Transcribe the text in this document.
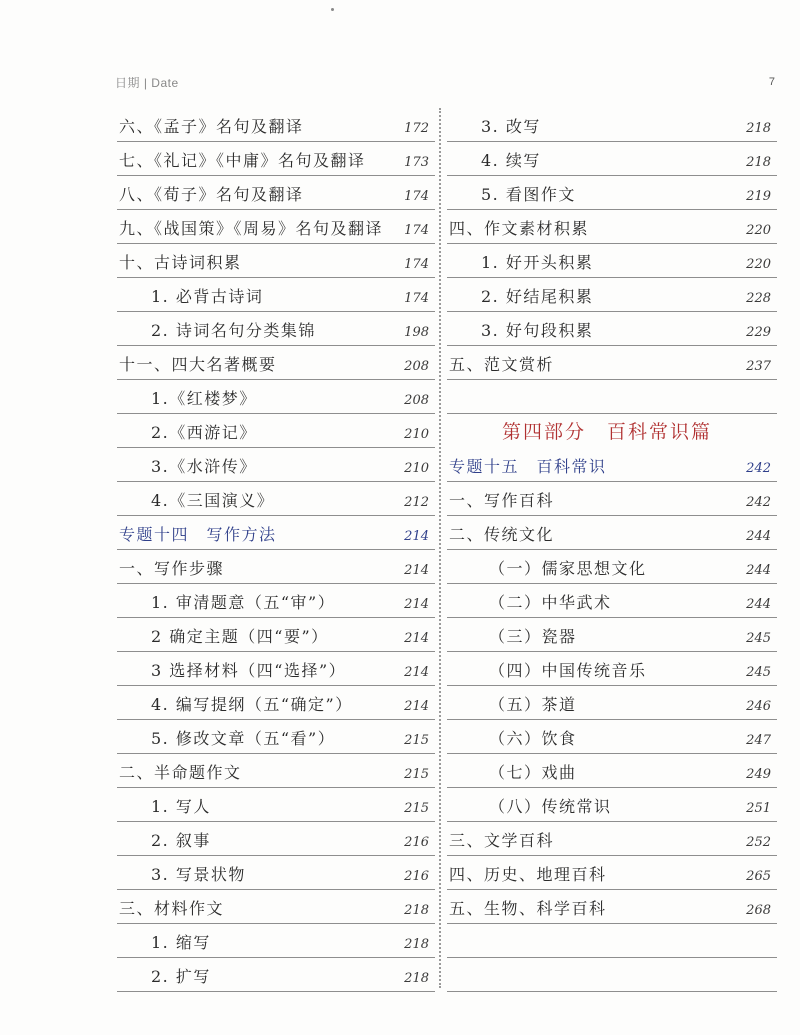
日期 | Date	7
六、《孟子》名句及翻译	172
七、《礼记》《中庸》名句及翻译	173
八、《荀子》名句及翻译	174
九、《战国策》《周易》名句及翻译 174
十、古诗词积累	174
1. 必背古诗词	174
2. 诗词名句分类集锦	198
十一、四大名著概要	208
1.《红楼梦》	208
2.《西游记》	210
3.《水浒传》	210
4.《三国演义》	212
专题十四　写作方法	214
一、写作步骤	214
1. 审清题意（五“审”）	214
2 确定主题（四“要”）	214
3 选择材料（四“选择”）	214
4. 编写提纲（五“确定”）	214
5. 修改文章（五“看”）	215
二、半命题作文	215
1. 写人	215
2. 叙事	216
3. 写景状物	216
三、材料作文	218
1. 缩写	218
2. 扩写	218
3. 改写	218
4. 续写	218
5. 看图作文	219
四、作文素材积累	220
1. 好开头积累	220
2. 好结尾积累	228
3. 好句段积累	229
五、范文赏析	237
第四部分　百科常识篇
专题十五　百科常识	242
一、写作百科	242
二、传统文化	244
（一）儒家思想文化	244
（二）中华武术	244
（三）瓷器	245
（四）中国传统音乐	245
（五）茶道	246
（六）饮食	247
（七）戏曲	249
（八）传统常识	251
三、文学百科	252
四、历史、地理百科	265
五、生物、科学百科	268
